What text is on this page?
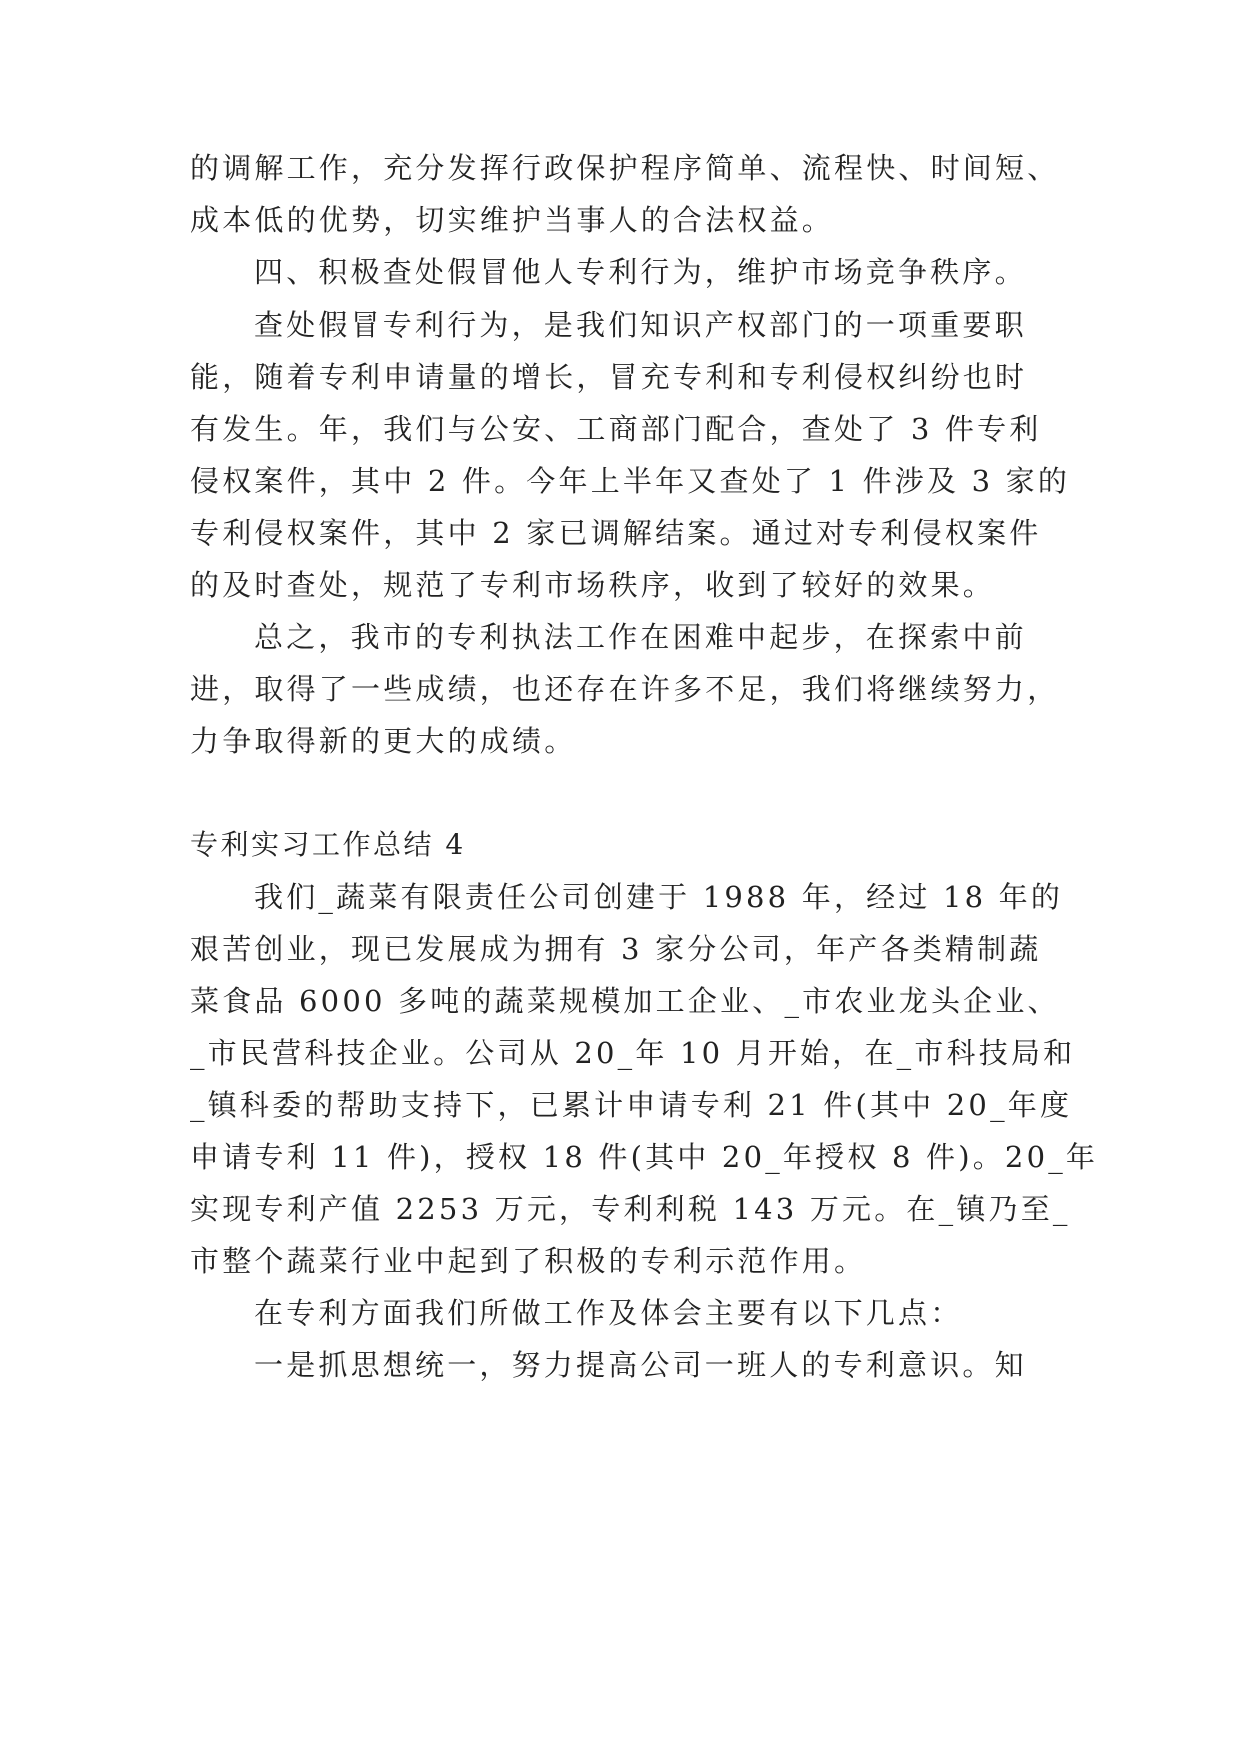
的调解工作，充分发挥行政保护程序简单、流程快、时间短、
成本低的优势，切实维护当事人的合法权益。
四、积极查处假冒他人专利行为，维护市场竞争秩序。
查处假冒专利行为，是我们知识产权部门的一项重要职
能，随着专利申请量的增长，冒充专利和专利侵权纠纷也时
有发生。年，我们与公安、工商部门配合，查处了 3 件专利
侵权案件，其中 2 件。今年上半年又查处了 1 件涉及 3 家的
专利侵权案件，其中 2 家已调解结案。通过对专利侵权案件
的及时查处，规范了专利市场秩序，收到了较好的效果。
总之，我市的专利执法工作在困难中起步，在探索中前
进，取得了一些成绩，也还存在许多不足，我们将继续努力，
力争取得新的更大的成绩。
专利实习工作总结 4
我们_蔬菜有限责任公司创建于 1988 年，经过 18 年的
艰苦创业，现已发展成为拥有 3 家分公司，年产各类精制蔬
菜食品 6000 多吨的蔬菜规模加工企业、_市农业龙头企业、
_市民营科技企业。公司从 20_年 10 月开始，在_市科技局和
_镇科委的帮助支持下，已累计申请专利 21 件(其中 20_年度
申请专利 11 件)，授权 18 件(其中 20_年授权 8 件)。20_年
实现专利产值 2253 万元，专利利税 143 万元。在_镇乃至_
市整个蔬菜行业中起到了积极的专利示范作用。
在专利方面我们所做工作及体会主要有以下几点：
一是抓思想统一，努力提高公司一班人的专利意识。知
